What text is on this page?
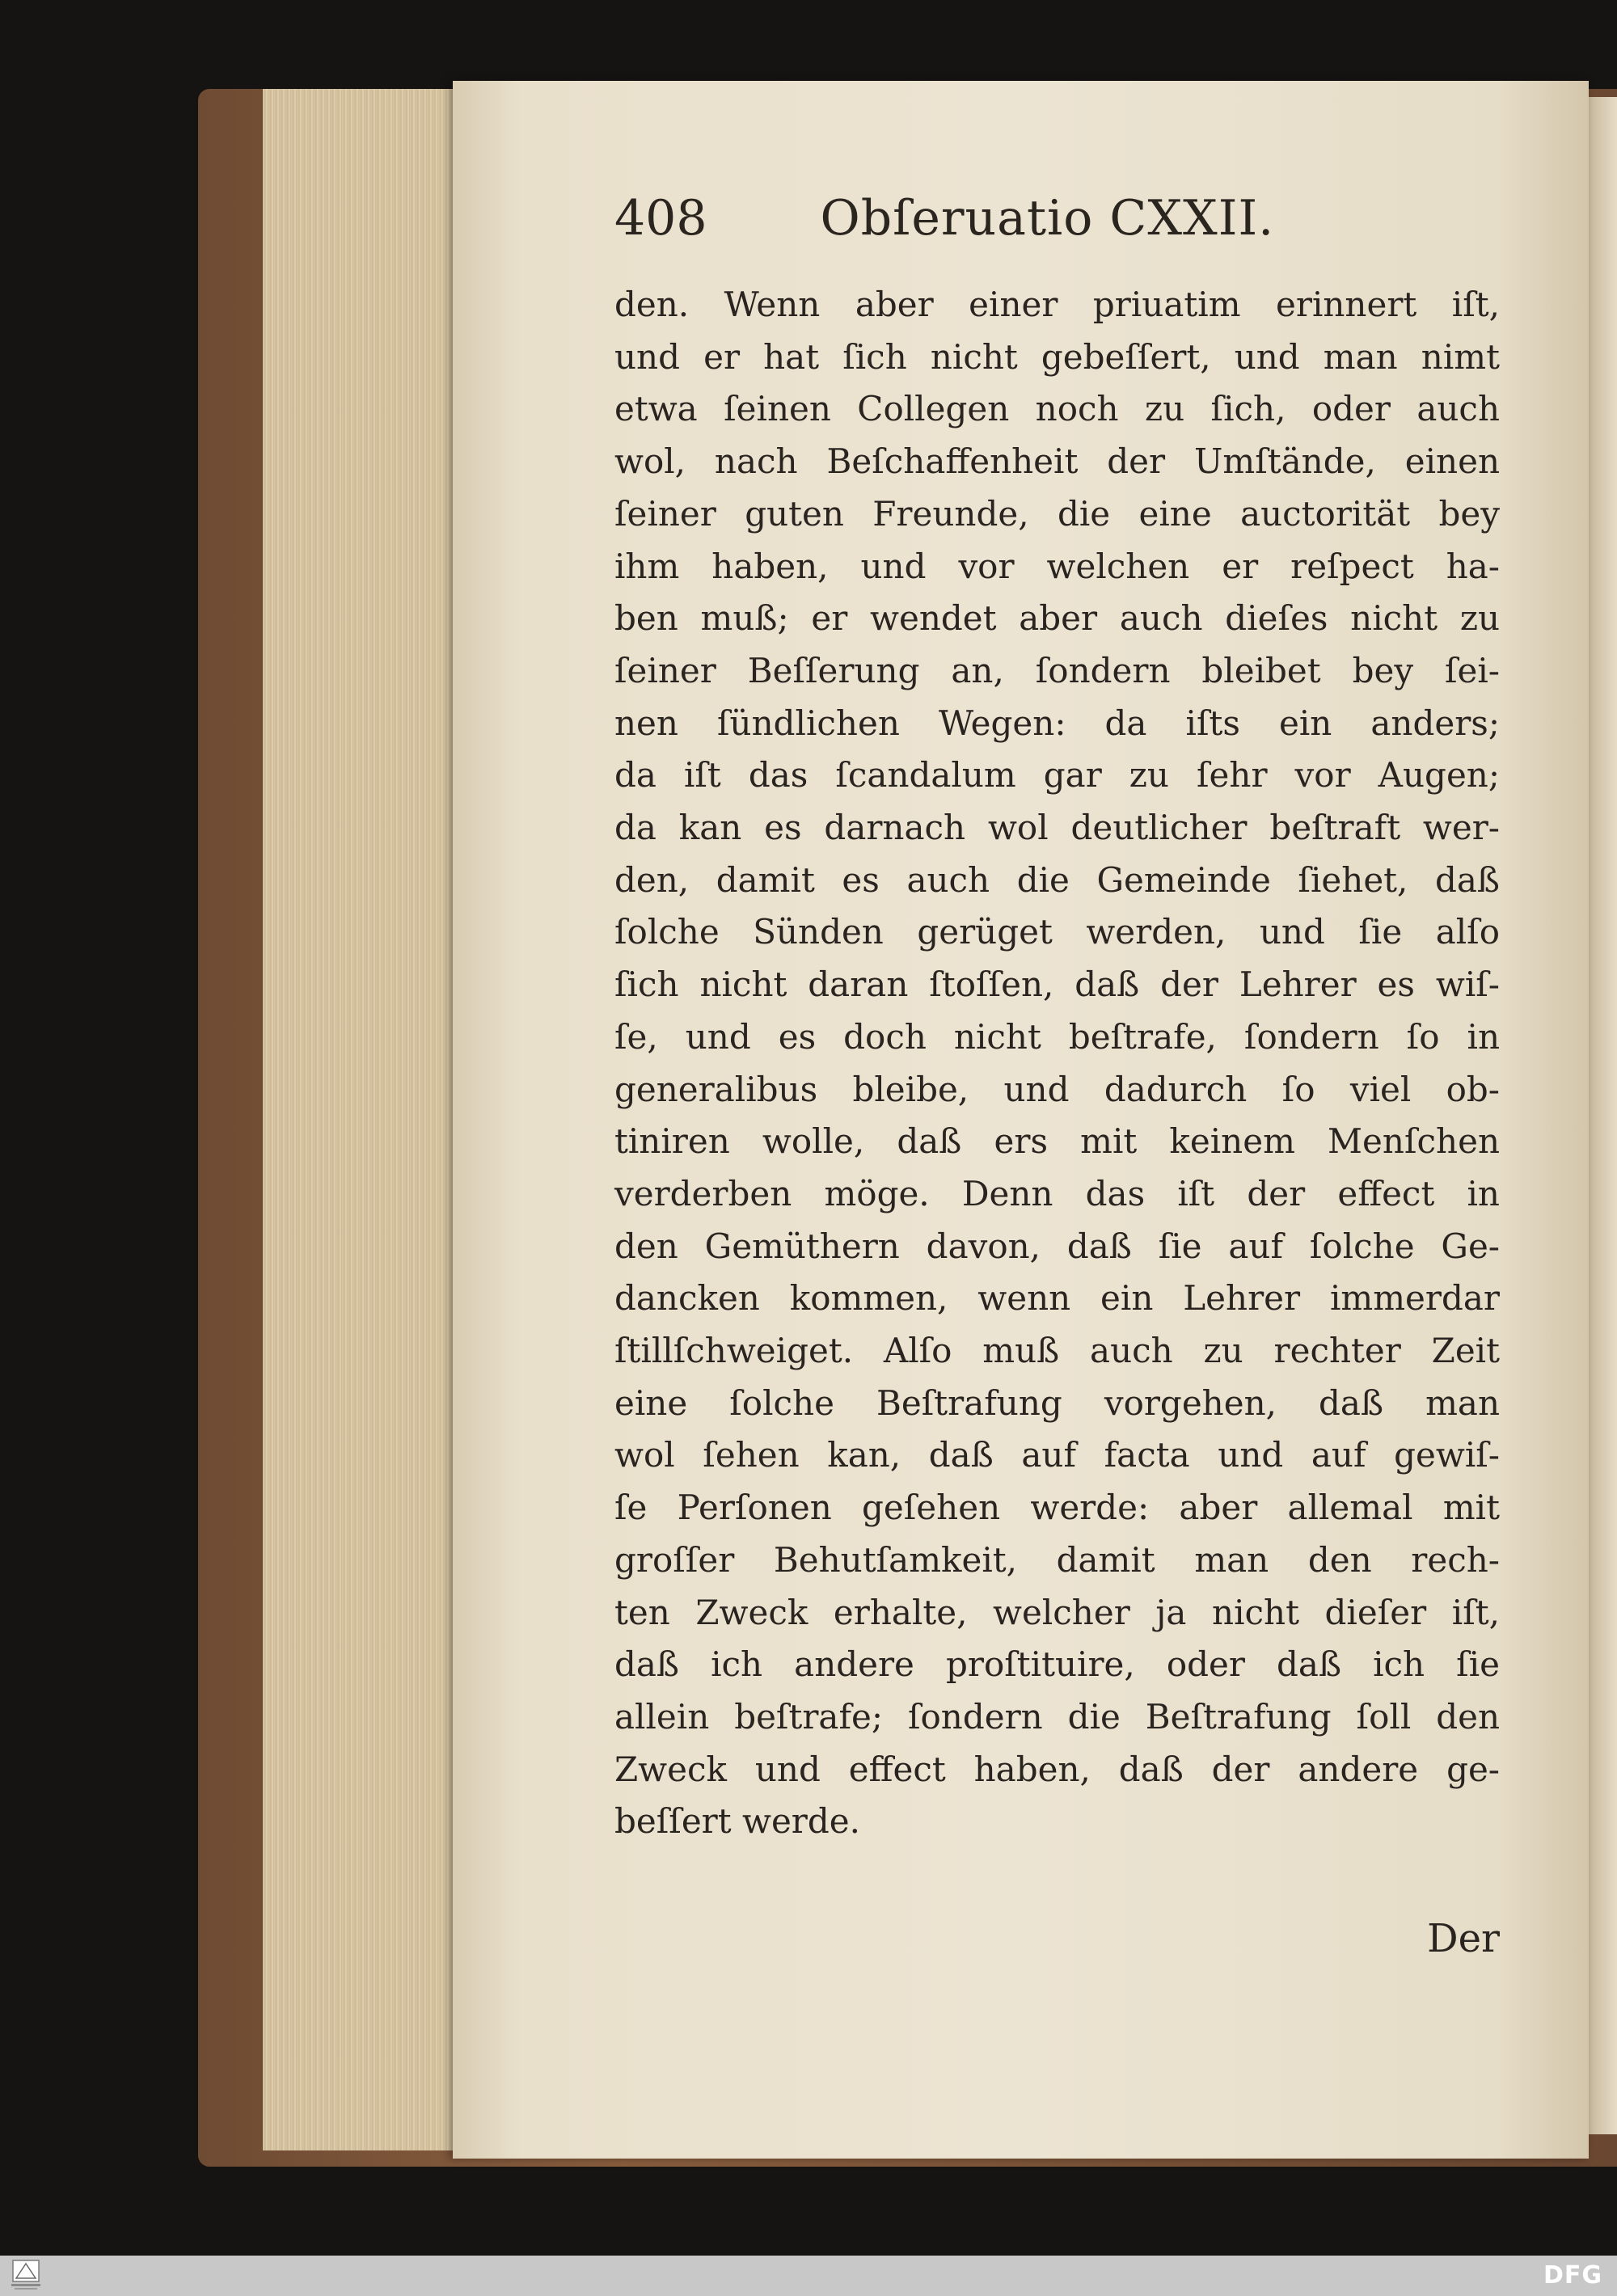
408 Obſeruatio CXXII.
den. Wenn aber einer priuatim erinnert iſt,
und er hat ſich nicht gebeſſert, und man nimt
etwa ſeinen Collegen noch zu ſich, oder auch
wol, nach Beſchaffenheit der Umſtände, einen
ſeiner guten Freunde, die eine auctorität bey
ihm haben, und vor welchen er reſpect ha-
ben muß; er wendet aber auch dieſes nicht zu
ſeiner Beſſerung an, ſondern bleibet bey ſei-
nen ſündlichen Wegen: da iſts ein anders;
da iſt das ſcandalum gar zu ſehr vor Augen;
da kan es darnach wol deutlicher beſtraft wer-
den, damit es auch die Gemeinde ſiehet, daß
ſolche Sünden gerüget werden, und ſie alſo
ſich nicht daran ſtoſſen, daß der Lehrer es wiſ-
ſe, und es doch nicht beſtrafe, ſondern ſo in
generalibus bleibe, und dadurch ſo viel ob-
tiniren wolle, daß ers mit keinem Menſchen
verderben möge. Denn das iſt der effect in
den Gemüthern davon, daß ſie auf ſolche Ge-
dancken kommen, wenn ein Lehrer immerdar
ſtillſchweiget. Alſo muß auch zu rechter Zeit
eine ſolche Beſtrafung vorgehen, daß man
wol ſehen kan, daß auf facta und auf gewiſ-
ſe Perſonen geſehen werde: aber allemal mit
groſſer Behutſamkeit, damit man den rech-
ten Zweck erhalte, welcher ja nicht dieſer iſt,
daß ich andere proſtituire, oder daß ich ſie
allein beſtrafe; ſondern die Beſtrafung ſoll den
Zweck und effect haben, daß der andere ge-
beſſert werde.
Der
DFG
